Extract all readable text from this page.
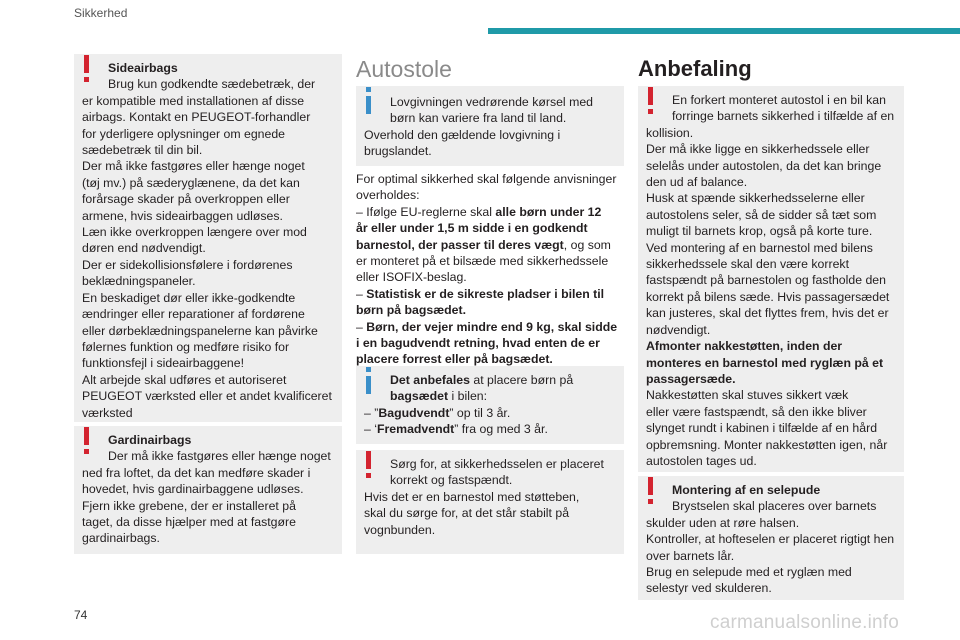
Sikkerhed
74	carmanualsonline.info

Sideairbags

Brug kun godkendte sædebetræk, der

er kompatible med installationen af disse

airbags. Kontakt en PEUGEOT-forhandler

for yderligere oplysninger om egnede

sædebetræk til din bil.

Der må ikke fastgøres eller hænge noget

(tøj mv.) på sæderyglænene, da det kan

forårsage skader på overkroppen eller

armene, hvis sideairbaggen udløses.

Læn ikke overkroppen længere over mod

døren end nødvendigt.

Der er sidekollisionsfølere i fordørenes

beklædningspaneler.

En beskadiget dør eller ikke-godkendte

ændringer eller reparationer af fordørene

eller dørbeklædningspanelerne kan påvirke

følernes funktion og medføre risiko for

funktionsfejl i sideairbaggene!

Alt arbejde skal udføres et autoriseret

PEUGEOT værksted eller et andet kvalificeret

værksted

Gardinairbags

Der må ikke fastgøres eller hænge noget

ned fra loftet, da det kan medføre skader i

hovedet, hvis gardinairbaggene udløses.

Fjern ikke grebene, der er installeret på

taget, da disse hjælper med at fastgøre

gardinairbags.

Autostole

Lovgivningen vedrørende kørsel med

børn kan variere fra land til land.

Overhold den gældende lovgivning i

brugslandet.

For optimal sikkerhed skal følgende anvisninger

overholdes:

– Ifølge EU-reglerne skal alle børn under 12

år eller under 1,5 m sidde i en godkendt

barnestol, der passer til deres vægt, og som

er monteret på et bilsæde med sikkerhedssele

eller ISOFIX-beslag.

– Statistisk er de sikreste pladser i bilen til

børn på bagsædet.

– Børn, der vejer mindre end 9 kg, skal sidde

i en bagudvendt retning, hvad enten de er

placere forrest eller på bagsædet.

Det anbefales at placere børn på

bagsædet i bilen:

– ”Bagudvendt” op til 3 år.

– ‘Fremadvendt” fra og med 3 år.

Sørg for, at sikkerhedsselen er placeret

korrekt og fastspændt.

Hvis det er en barnestol med støtteben,

skal du sørge for, at det står stabilt på

vognbunden.

Anbefaling

En forkert monteret autostol i en bil kan

forringe barnets sikkerhed i tilfælde af en

kollision.

Der må ikke ligge en sikkerhedssele eller

selelås under autostolen, da det kan bringe

den ud af balance.

Husk at spænde sikkerhedsselerne eller

autostolens seler, så de sidder så tæt som

muligt til barnets krop, også på korte ture.

Ved montering af en barnestol med bilens

sikkerhedssele skal den være korrekt

fastspændt på barnestolen og fastholde den

korrekt på bilens sæde. Hvis passagersædet

kan justeres, skal det flyttes frem, hvis det er

nødvendigt.

Afmonter nakkestøtten, inden der

monteres en barnestol med ryglæn på et

passagersæde.

Nakkestøtten skal stuves sikkert væk

eller være fastspændt, så den ikke bliver

slynget rundt i kabinen i tilfælde af en hård

opbremsning. Monter nakkestøtten igen, når

autostolen tages ud.

Montering af en selepude

Brystselen skal placeres over barnets

skulder uden at røre halsen.

Kontroller, at hofteselen er placeret rigtigt hen

over barnets lår.

Brug en selepude med et ryglæn med

selestyr ved skulderen.
